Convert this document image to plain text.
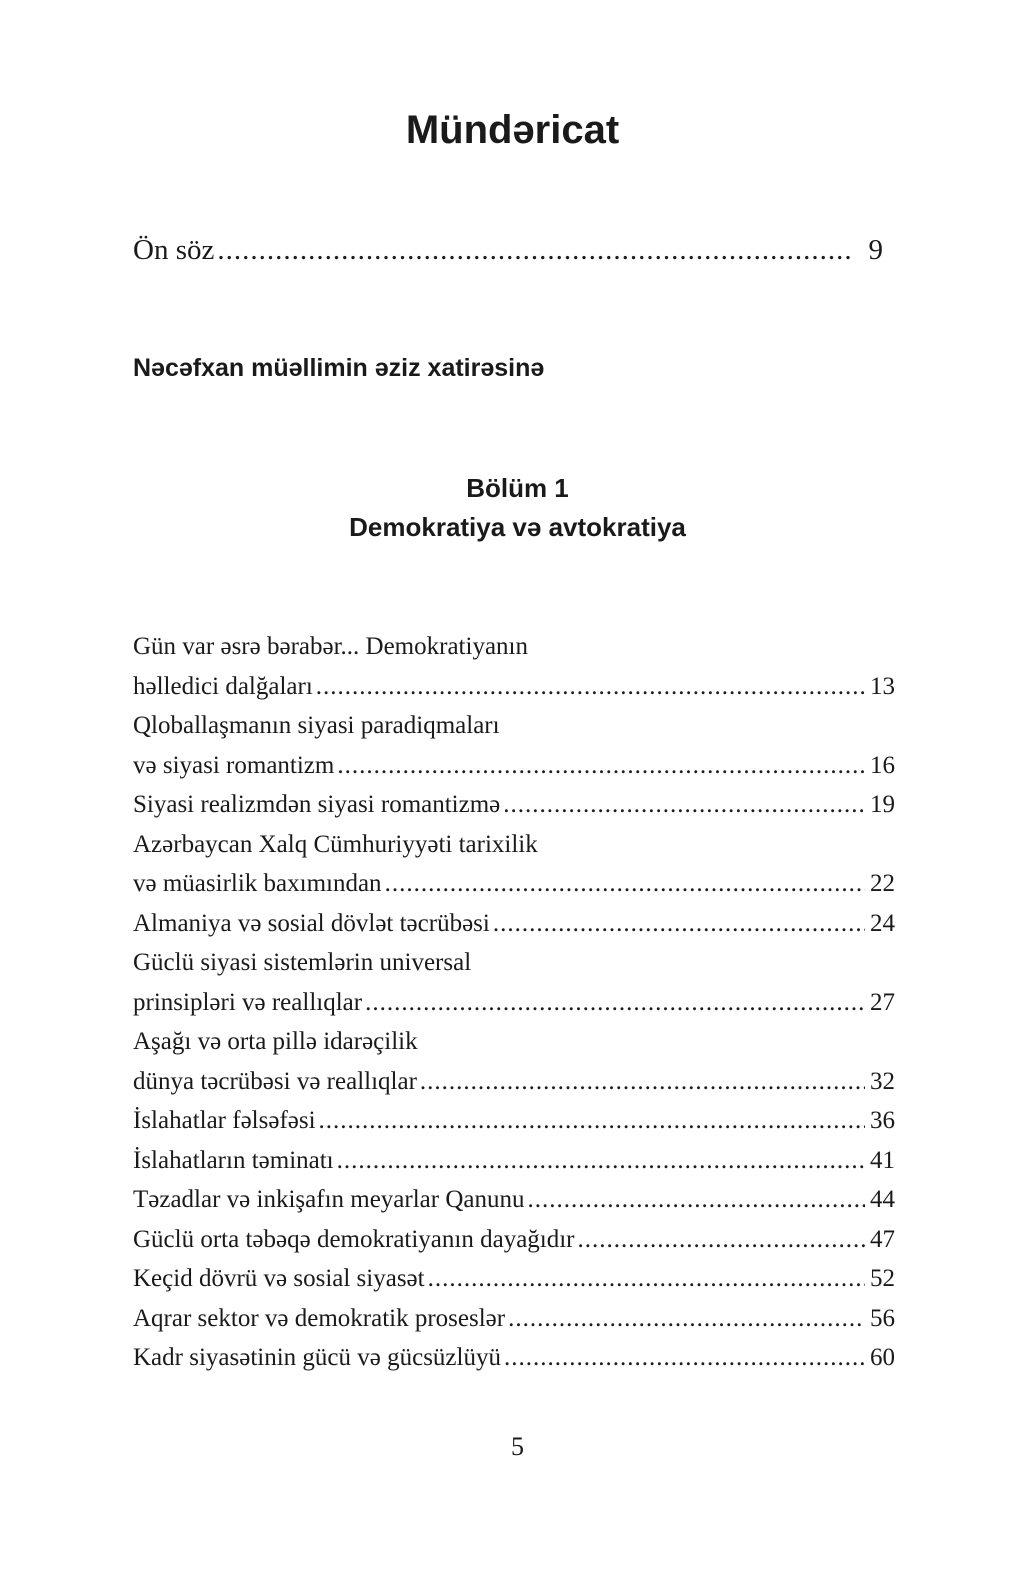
Mündəricat
Ön söz .....	9
Nəcəfxan müəllimin əziz xatirəsinə
Bölüm 1
Demokratiya və avtokratiya
Gün var əsrə bərabər... Demokratiyanın
həlledici dalğaları .....	13
Qloballaşmanın siyasi paradiqmaları
və siyasi romantizm .....	16
Siyasi realizmdən siyasi romantizmə .....	19
Azərbaycan Xalq Cümhuriyyəti tarixilik
və müasirlik baxımından .....	22
Almaniya və sosial dövlət təcrübəsi .....	24
Güclü siyasi sistemlərin universal
prinsipləri və reallıqlar .....	27
Aşağı və orta pillə idarəçilik
dünya təcrübəsi və reallıqlar .....	32
İslahatlar fəlsəfəsi .....	36
İslahatların təminatı .....	41
Təzadlar və inkişafın meyarlar Qanunu .....	44
Güclü orta təbəqə demokratiyanın dayağıdır .....	47
Keçid dövrü və sosial siyasət .....	52
Aqrar sektor və demokratik proseslər .....	56
Kadr siyasətinin gücü və gücsüzlüyü .....	60
5
